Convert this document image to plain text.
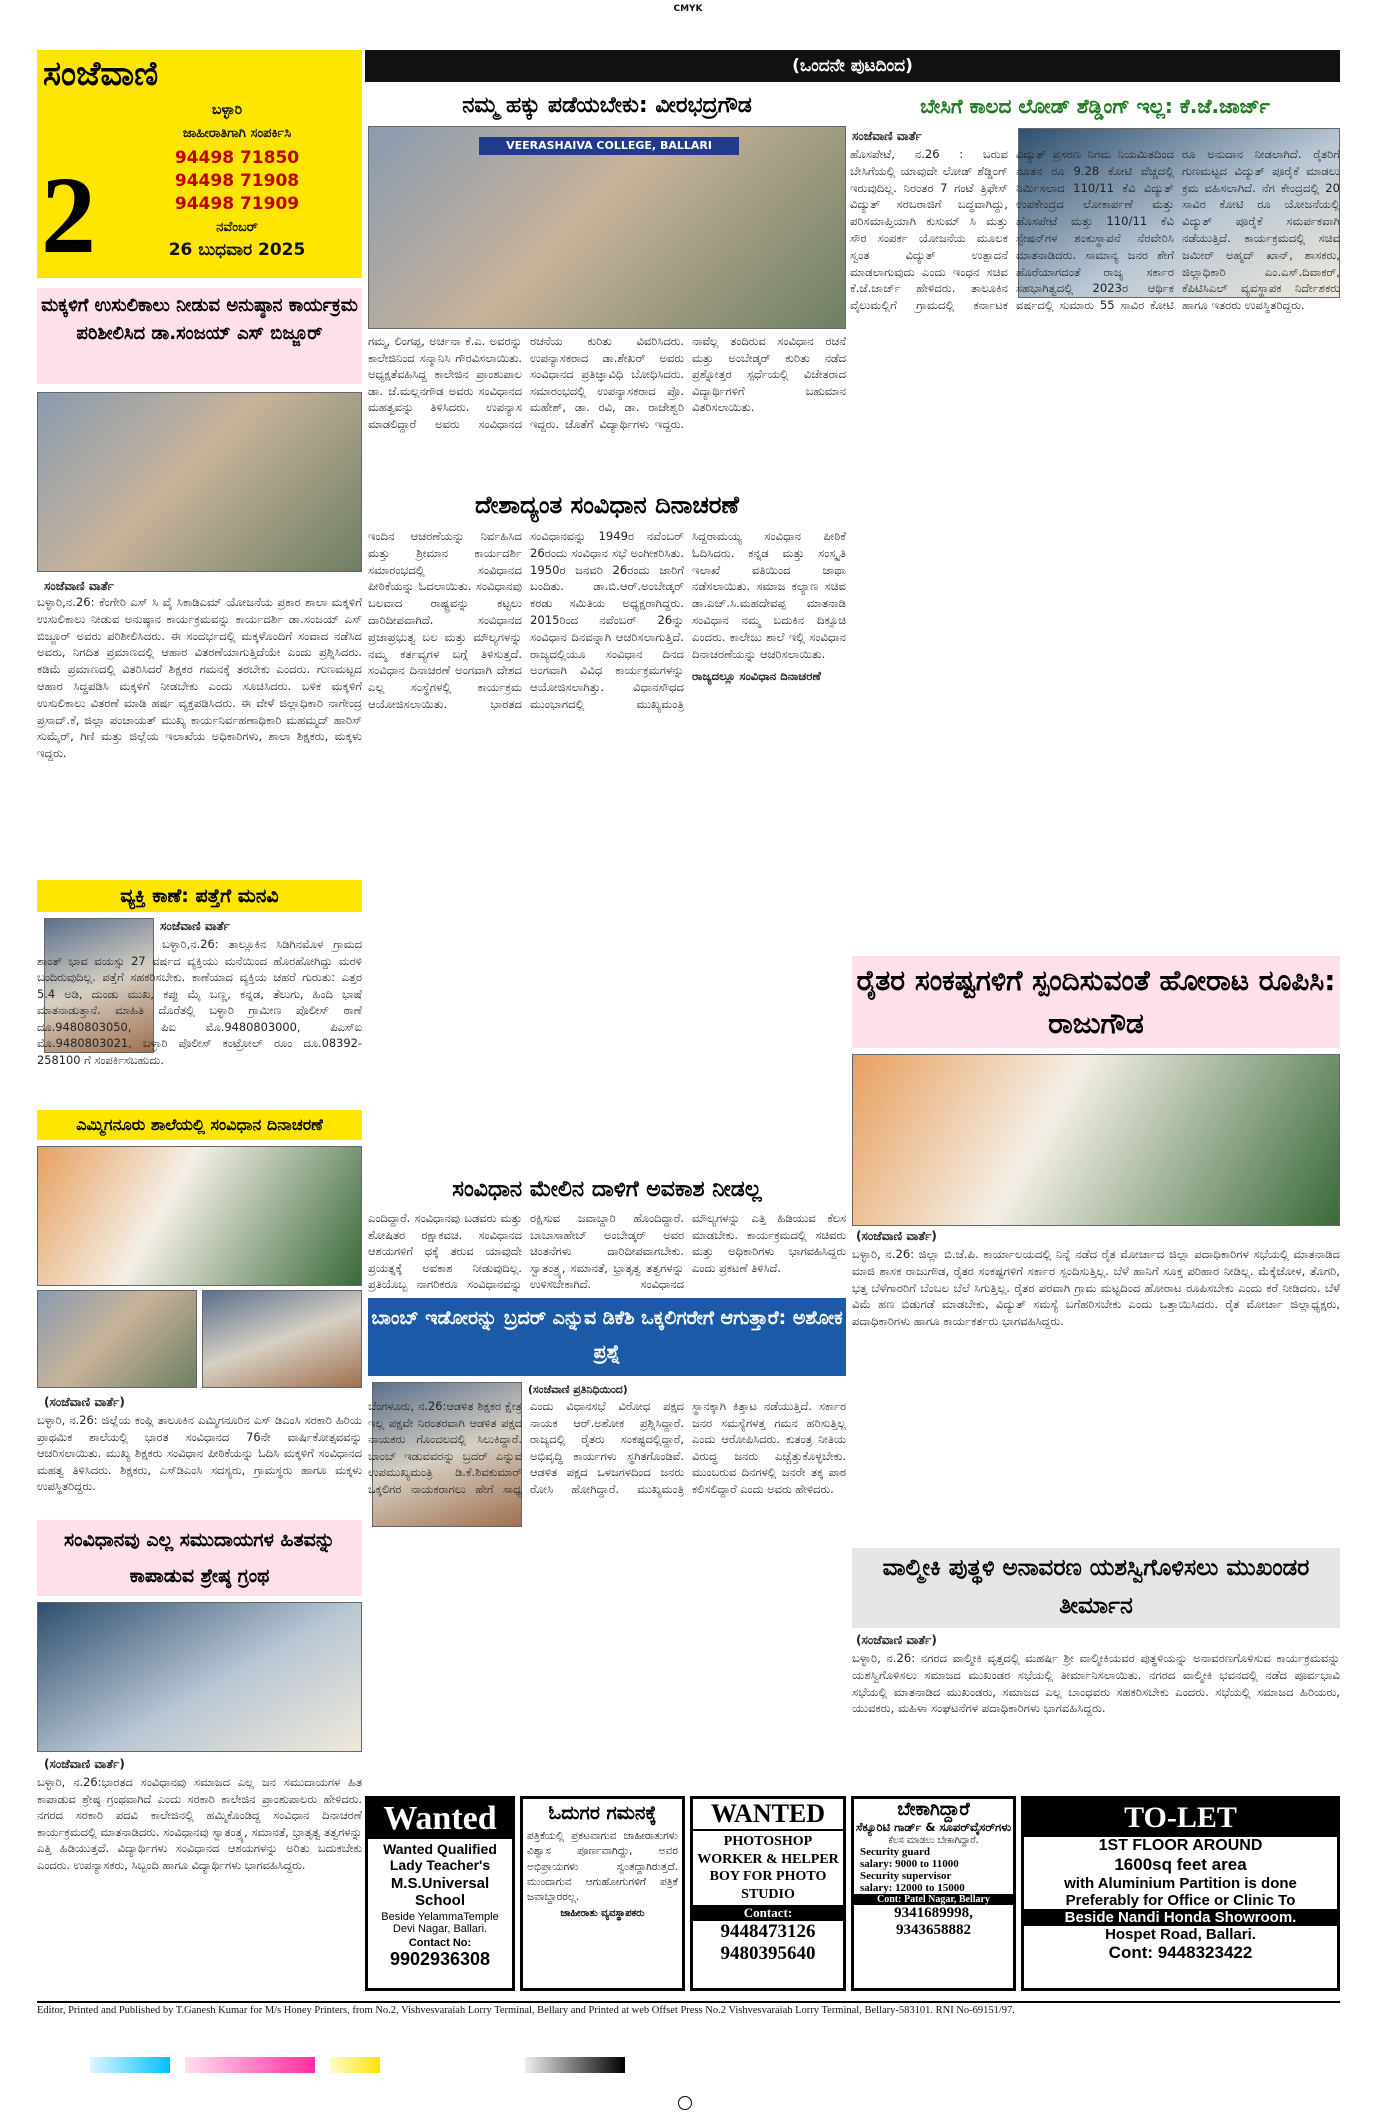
CMYK
ಸಂಜೆವಾಣಿ
ಬಳ್ಳಾರಿ
ಜಾಹೀರಾತಿಗಾಗಿ ಸಂಪರ್ಕಿಸಿ
94498 71850
94498 71908
94498 71909
2	ನವೆಂಬರ್
26 ಬುಧವಾರ 2025
ಮಕ್ಕಳಿಗೆ ಉಸುಲಿಕಾಲು ನೀಡುವ ಅನುಷ್ಠಾನ ಕಾರ್ಯಕ್ರಮ ಪರಿಶೀಲಿಸಿದ ಡಾ.ಸಂಜಯ್ ಎಸ್ ಬಿಜ್ಜೂರ್
ಸಂಜೆವಾಣಿ ವಾರ್ತೆ
ಬಳ್ಳಾರಿ,ನ.26: ಕೆಂಗೇರಿ ಎಸ್ ಸಿ ವೈ ಸಿಕಾಡಿಎಮ್ ಯೋಜನೆಯ ಪ್ರಕಾರ ಶಾಲಾ ಮಕ್ಕಳಿಗೆ ಉಸುಲಿಕಾಲು ನೀಡುವ ಅನುಷ್ಠಾನ ಕಾರ್ಯಕ್ರಮವನ್ನು ಕಾರ್ಯದರ್ಶಿ ಡಾ.ಸಂಜಯ್ ಎಸ್ ಬಿಜ್ಜೂರ್ ಅವರು ಪರಿಶೀಲಿಸಿದರು. ಈ ಸಂದರ್ಭದಲ್ಲಿ ಮಕ್ಕಳೊಂದಿಗೆ ಸಂವಾದ ನಡೆಸಿದ ಅವರು, ನಿಗದಿತ ಪ್ರಮಾಣದಲ್ಲಿ ಆಹಾರ ವಿತರಣೆಯಾಗುತ್ತಿದೆಯೇ ಎಂದು ಪ್ರಶ್ನಿಸಿದರು. ಕಡಿಮೆ ಪ್ರಮಾಣದಲ್ಲಿ ವಿತರಿಸಿದರೆ ಶಿಕ್ಷಕರ ಗಮನಕ್ಕೆ ತರಬೇಕು ಎಂದರು. ಗುಣಮಟ್ಟದ ಆಹಾರ ಸಿದ್ಧಪಡಿಸಿ ಮಕ್ಕಳಿಗೆ ನೀಡಬೇಕು ಎಂದು ಸೂಚಿಸಿದರು. ಬಳಿಕ ಮಕ್ಕಳಿಗೆ ಉಸುಲಿಕಾಲು ವಿತರಣೆ ಮಾಡಿ ಹರ್ಷ ವ್ಯಕ್ತಪಡಿಸಿದರು. ಈ ವೇಳೆ ಜಿಲ್ಲಾಧಿಕಾರಿ ನಾಗೇಂದ್ರ ಪ್ರಸಾದ್.ಕೆ, ಜಿಲ್ಲಾ ಪಂಚಾಯತ್ ಮುಖ್ಯ ಕಾರ್ಯನಿರ್ವಹಣಾಧಿಕಾರಿ ಮಹಮ್ಮದ್ ಹಾರಿಸ್ ಸುಮೈರ್, ಗಿಣಿ ಮತ್ತು ಜಿಲ್ಲೆಯ ಇಲಾಖೆಯ ಅಧಿಕಾರಿಗಳು, ಶಾಲಾ ಶಿಕ್ಷಕರು, ಮಕ್ಕಳು ಇದ್ದರು.
ವ್ಯಕ್ತಿ ಕಾಣೆ: ಪತ್ತೆಗೆ ಮನವಿ
ಸಂಜೆವಾಣಿ ವಾರ್ತೆ
ಬಳ್ಳಾರಿ,ನ.26: ತಾಲ್ಲೂಕಿನ ಸಿಡಿಗಿನಮೊಳ ಗ್ರಾಮದ ಶಾಂತ್ ಭಾವ ವಯಸ್ಸು 27 ವರ್ಷದ ವ್ಯಕ್ತಿಯು ಮನೆಯಿಂದ ಹೊರಹೋಗಿದ್ದು ಮರಳಿ ಬಂದಿರುವುದಿಲ್ಲ. ಪತ್ತೆಗೆ ಸಹಕರಿಸಬೇಕು. ಕಾಣೆಯಾದ ವ್ಯಕ್ತಿಯ ಚಹರೆ ಗುರುತು: ಎತ್ತರ 5.4 ಅಡಿ, ದುಂಡು ಮುಖ, ಕಪ್ಪು ಮೈ ಬಣ್ಣ, ಕನ್ನಡ, ತೆಲುಗು, ಹಿಂದಿ ಭಾಷೆ ಮಾತನಾಡುತ್ತಾನೆ. ಮಾಹಿತಿ ದೊರೆತಲ್ಲಿ ಬಳ್ಳಾರಿ ಗ್ರಾಮೀಣ ಪೊಲೀಸ್ ಠಾಣೆ ದೂ.9480803050, ಪಿಐ ಮೊ.9480803000, ಪಿಎಸ್‌ಐ ಮೊ.9480803021, ಬಳ್ಳಾರಿ ಪೊಲೀಸ್ ಕಂಟ್ರೋಲ್ ರೂಂ ದೂ.08392-258100 ಗೆ ಸಂಪರ್ಕಿಸಬಹುದು.
ಎಮ್ಮಿಗನೂರು ಶಾಲೆಯಲ್ಲಿ ಸಂವಿಧಾನ ದಿನಾಚರಣೆ
(ಸಂಜೆವಾಣಿ ವಾರ್ತೆ)
ಬಳ್ಳಾರಿ, ನ.26: ಜಿಲ್ಲೆಯ ಕಂಪ್ಲಿ ತಾಲೂಕಿನ ಎಮ್ಮಿಗನೂರಿನ ಎಸ್ ಡಿಎಂಸಿ ಸರಕಾರಿ ಹಿರಿಯ ಪ್ರಾಥಮಿಕ ಶಾಲೆಯಲ್ಲಿ ಭಾರತ ಸಂವಿಧಾನದ 76ನೇ ವಾರ್ಷಿಕೋತ್ಸವವನ್ನು ಆಚರಿಸಲಾಯಿತು. ಮುಖ್ಯ ಶಿಕ್ಷಕರು ಸಂವಿಧಾನ ಪೀಠಿಕೆಯನ್ನು ಓದಿಸಿ ಮಕ್ಕಳಿಗೆ ಸಂವಿಧಾನದ ಮಹತ್ವ ತಿಳಿಸಿದರು. ಶಿಕ್ಷಕರು, ಎಸ್‌ಡಿಎಂಸಿ ಸದಸ್ಯರು, ಗ್ರಾಮಸ್ಥರು ಹಾಗೂ ಮಕ್ಕಳು ಉಪಸ್ಥಿತರಿದ್ದರು.
ಸಂವಿಧಾನವು ಎಲ್ಲ ಸಮುದಾಯಗಳ ಹಿತವನ್ನು ಕಾಪಾಡುವ ಶ್ರೇಷ್ಠ ಗ್ರಂಥ
(ಸಂಜೆವಾಣಿ ವಾರ್ತೆ)
ಬಳ್ಳಾರಿ, ನ.26:ಭಾರತದ ಸಂವಿಧಾನವು ಸಮಾಜದ ಎಲ್ಲ ಜನ ಸಮುದಾಯಗಳ ಹಿತ ಕಾಪಾಡುವ ಶ್ರೇಷ್ಠ ಗ್ರಂಥವಾಗಿದೆ ಎಂದು ಸರಕಾರಿ ಕಾಲೇಜಿನ ಪ್ರಾಂಶುಪಾಲರು ಹೇಳಿದರು. ನಗರದ ಸರಕಾರಿ ಪದವಿ ಕಾಲೇಜಿನಲ್ಲಿ ಹಮ್ಮಿಕೊಂಡಿದ್ದ ಸಂವಿಧಾನ ದಿನಾಚರಣೆ ಕಾರ್ಯಕ್ರಮದಲ್ಲಿ ಮಾತನಾಡಿದರು. ಸಂವಿಧಾನವು ಸ್ವಾತಂತ್ರ್ಯ, ಸಮಾನತೆ, ಭ್ರಾತೃತ್ವ ತತ್ವಗಳನ್ನು ಎತ್ತಿ ಹಿಡಿಯುತ್ತದೆ. ವಿದ್ಯಾರ್ಥಿಗಳು ಸಂವಿಧಾನದ ಆಶಯಗಳನ್ನು ಅರಿತು ಬದುಕಬೇಕು ಎಂದರು. ಉಪನ್ಯಾಸಕರು, ಸಿಬ್ಬಂದಿ ಹಾಗೂ ವಿದ್ಯಾರ್ಥಿಗಳು ಭಾಗವಹಿಸಿದ್ದರು.
(ಒಂದನೇ ಪುಟದಿಂದ)
ನಮ್ಮ ಹಕ್ಕು ಪಡೆಯಬೇಕು: ವೀರಭದ್ರಗೌಡ
VEERASHAIVA COLLEGE, BALLARI
ಗಮ್ಮ, ಲಿಂಗಪ್ಪ, ಅರ್ಚನಾ ಕೆ.ಎ. ಅವರನ್ನು ಕಾಲೇಜಿನಿಂದ ಸನ್ಮಾನಿಸಿ ಗೌರವಿಸಲಾಯಿತು. ಅಧ್ಯಕ್ಷತೆವಹಿಸಿದ್ದ ಕಾಲೇಜಿನ ಪ್ರಾಂಶುಪಾಲ ಡಾ. ಜೆ.ಮಲ್ಲನಗೌಡ ಅವರು ಸಂವಿಧಾನದ ಮಹತ್ವವನ್ನು ತಿಳಿಸಿದರು. ಉಪನ್ಯಾಸ ಮಾಡಲಿದ್ದಾರೆ ಅವರು ಸಂವಿಧಾನದ ರಚನೆಯ ಕುರಿತು ವಿವರಿಸಿದರು. ಉಪನ್ಯಾಸಕರಾದ ಡಾ.ಶೇಖರ್ ಅವರು ಸಂವಿಧಾನದ ಪ್ರತಿಜ್ಞಾವಿಧಿ ಬೋಧಿಸಿದರು. ಸಮಾರಂಭದಲ್ಲಿ ಉಪನ್ಯಾಸಕರಾದ ಪ್ರೊ. ಮಹೇಶ್, ಡಾ. ರವಿ, ಡಾ. ರಾಜೇಶ್ವರಿ ಇದ್ದರು. ಜೊತೆಗೆ ವಿದ್ಯಾರ್ಥಿಗಳು ಇದ್ದರು. ನಾವೆಲ್ಲ ತಂದಿರುವ ಸಂವಿಧಾನ ರಚನೆ ಮತ್ತು ಅಂಬೇಡ್ಕರ್ ಕುರಿತು ನಡೆದ ಪ್ರಶ್ನೋತ್ತರ ಸ್ಪರ್ಧೆಯಲ್ಲಿ ವಿಜೇತರಾದ ವಿದ್ಯಾರ್ಥಿಗಳಿಗೆ ಬಹುಮಾನ ವಿತರಿಸಲಾಯಿತು.
ದೇಶಾದ್ಯಂತ ಸಂವಿಧಾನ ದಿನಾಚರಣೆ
ಇಂದಿನ ಆಚರಣೆಯನ್ನು ನಿರ್ವಹಿಸಿದ ಮತ್ತು ಶ್ರೀಮಾನ ಕಾರ್ಯದರ್ಶಿ ಸಮಾರಂಭದಲ್ಲಿ ಸಂವಿಧಾನದ ಪೀಠಿಕೆಯನ್ನು ಓದಲಾಯಿತು. ಸಂವಿಧಾನವು ಬಲವಾದ ರಾಷ್ಟ್ರವನ್ನು ಕಟ್ಟಲು ದಾರಿದೀಪವಾಗಿದೆ. ಸಂವಿಧಾನದ ಪ್ರಜಾಪ್ರಭುತ್ವ ಬಲ ಮತ್ತು ಮೌಲ್ಯಗಳನ್ನು ನಮ್ಮ ಕರ್ತವ್ಯಗಳ ಬಗ್ಗೆ ತಿಳಿಸುತ್ತದೆ. ಸಂವಿಧಾನ ದಿನಾಚರಣೆ ಅಂಗವಾಗಿ ದೇಶದ ಎಲ್ಲ ಸಂಸ್ಥೆಗಳಲ್ಲಿ ಕಾರ್ಯಕ್ರಮ ಆಯೋಜಿಸಲಾಯಿತು. ಭಾರತದ ಸಂವಿಧಾನವನ್ನು 1949ರ ನವೆಂಬರ್ 26ರಂದು ಸಂವಿಧಾನ ಸಭೆ ಅಂಗೀಕರಿಸಿತು. 1950ರ ಜನವರಿ 26ರಂದು ಜಾರಿಗೆ ಬಂದಿತು. ಡಾ.ಬಿ.ಆರ್.ಅಂಬೇಡ್ಕರ್ ಕರಡು ಸಮಿತಿಯ ಅಧ್ಯಕ್ಷರಾಗಿದ್ದರು. 2015ರಿಂದ ನವೆಂಬರ್ 26ನ್ನು ಸಂವಿಧಾನ ದಿನವನ್ನಾಗಿ ಆಚರಿಸಲಾಗುತ್ತಿದೆ. ರಾಜ್ಯದಲ್ಲಿಯೂ ಸಂವಿಧಾನ ದಿನದ ಅಂಗವಾಗಿ ವಿವಿಧ ಕಾರ್ಯಕ್ರಮಗಳನ್ನು ಆಯೋಜಿಸಲಾಗಿತ್ತು. ವಿಧಾನಸೌಧದ ಮುಂಭಾಗದಲ್ಲಿ ಮುಖ್ಯಮಂತ್ರಿ ಸಿದ್ದರಾಮಯ್ಯ ಸಂವಿಧಾನ ಪೀಠಿಕೆ ಓದಿಸಿದರು. ಕನ್ನಡ ಮತ್ತು ಸಂಸ್ಕೃತಿ ಇಲಾಖೆ ವತಿಯಿಂದ ಜಾಥಾ ನಡೆಸಲಾಯಿತು. ಸಮಾಜ ಕಲ್ಯಾಣ ಸಚಿವ ಡಾ.ಎಚ್.ಸಿ.ಮಹದೇವಪ್ಪ ಮಾತನಾಡಿ ಸಂವಿಧಾನ ನಮ್ಮ ಬದುಕಿನ ದಿಕ್ಸೂಚಿ ಎಂದರು. ಕಾಲೇಜು ಶಾಲೆ ಇಲ್ಲಿ ಸಂವಿಧಾನ ದಿನಾಚರಣೆಯನ್ನು ಆಚರಿಸಲಾಯಿತು.
ರಾಜ್ಯದಲ್ಲೂ ಸಂವಿಧಾನ ದಿನಾಚರಣೆ
ಸಂವಿಧಾನ ಮೇಲಿನ ದಾಳಿಗೆ ಅವಕಾಶ ನೀಡಲ್ಲ
ಎಂದಿದ್ದಾರೆ. ಸಂವಿಧಾನವು ಬಡವರು ಮತ್ತು ಶೋಷಿತರ ರಕ್ಷಾಕವಚ. ಸಂವಿಧಾನದ ಆಶಯಗಳಿಗೆ ಧಕ್ಕೆ ತರುವ ಯಾವುದೇ ಪ್ರಯತ್ನಕ್ಕೆ ಅವಕಾಶ ನೀಡುವುದಿಲ್ಲ. ಪ್ರತಿಯೊಬ್ಬ ನಾಗರಿಕರೂ ಸಂವಿಧಾನವನ್ನು ರಕ್ಷಿಸುವ ಜವಾಬ್ದಾರಿ ಹೊಂದಿದ್ದಾರೆ. ಬಾಬಾಸಾಹೇಬ್ ಅಂಬೇಡ್ಕರ್ ಅವರ ಚಿಂತನೆಗಳು ದಾರಿದೀಪವಾಗಬೇಕು. ಸ್ವಾತಂತ್ರ್ಯ, ಸಮಾನತೆ, ಭ್ರಾತೃತ್ವ ತತ್ವಗಳನ್ನು ಉಳಿಸಬೇಕಾಗಿದೆ. ಸಂವಿಧಾನದ ಮೌಲ್ಯಗಳನ್ನು ಎತ್ತಿ ಹಿಡಿಯುವ ಕೆಲಸ ಮಾಡಬೇಕು. ಕಾರ್ಯಕ್ರಮದಲ್ಲಿ ಸಚಿವರು ಮತ್ತು ಅಧಿಕಾರಿಗಳು ಭಾಗವಹಿಸಿದ್ದರು ಎಂದು ಪ್ರಕಟಣೆ ತಿಳಿಸಿದೆ.
ಬಾಂಬ್ ಇಡೋರನ್ನು ಬ್ರದರ್ ಎನ್ನುವ ಡಿಕೆಶಿ ಒಕ್ಕಲಿಗರೇಗೆ ಆಗುತ್ತಾರೆ: ಅಶೋಕ ಪ್ರಶ್ನೆ
(ಸಂಜೆವಾಣಿ ಪ್ರತಿನಿಧಿಯಿಂದ)
ಬೆಂಗಳೂರು, ನ.26:ಆಡಳಿತ ಶಿಕ್ಷಕರ ಕ್ಷೇತ್ರ ಇಲ್ಲ ಪಕ್ಷವೇ ನಿರಂತರವಾಗಿ ಆಡಳಿತ ಪಕ್ಷದ ನಾಯಕರು ಗೊಂದಲದಲ್ಲಿ ಸಿಲುಕಿದ್ದಾರೆ. ಬಾಂಬ್ ಇಡುವವರನ್ನು ಬ್ರದರ್ ಎನ್ನುವ ಉಪಮುಖ್ಯಮಂತ್ರಿ ಡಿ.ಕೆ.ಶಿವಕುಮಾರ್ ಒಕ್ಕಲಿಗರ ನಾಯಕರಾಗಲು ಹೇಗೆ ಸಾಧ್ಯ ಎಂದು ವಿಧಾನಸಭೆ ವಿರೋಧ ಪಕ್ಷದ ನಾಯಕ ಆರ್.ಅಶೋಕ ಪ್ರಶ್ನಿಸಿದ್ದಾರೆ. ರಾಜ್ಯದಲ್ಲಿ ರೈತರು ಸಂಕಷ್ಟದಲ್ಲಿದ್ದಾರೆ, ಅಭಿವೃದ್ಧಿ ಕಾರ್ಯಗಳು ಸ್ಥಗಿತಗೊಂಡಿವೆ. ಆಡಳಿತ ಪಕ್ಷದ ಒಳಜಗಳದಿಂದ ಜನರು ರೋಸಿ ಹೋಗಿದ್ದಾರೆ. ಮುಖ್ಯಮಂತ್ರಿ ಸ್ಥಾನಕ್ಕಾಗಿ ಕಿತ್ತಾಟ ನಡೆಯುತ್ತಿದೆ. ಸರ್ಕಾರ ಜನರ ಸಮಸ್ಯೆಗಳತ್ತ ಗಮನ ಹರಿಸುತ್ತಿಲ್ಲ ಎಂದು ಆರೋಪಿಸಿದರು. ಕುತಂತ್ರ ನೀತಿಯ ವಿರುದ್ಧ ಜನರು ಎಚ್ಚೆತ್ತುಕೊಳ್ಳಬೇಕು. ಮುಂಬರುವ ದಿನಗಳಲ್ಲಿ ಜನರೇ ತಕ್ಕ ಪಾಠ ಕಲಿಸಲಿದ್ದಾರೆ ಎಂದು ಅವರು ಹೇಳಿದರು.
ಬೇಸಿಗೆ ಕಾಲದ ಲೋಡ್ ಶೆಡ್ಡಿಂಗ್ ಇಲ್ಲ: ಕೆ.ಜೆ.ಜಾರ್ಜ್
ಸಂಜೆವಾಣಿ ವಾರ್ತೆ
ಹೊಸಪೇಟೆ, ನ.26 : ಬರುವ ಬೇಸಿಗೆಯಲ್ಲಿ ಯಾವುದೇ ಲೋಡ್ ಶೆಡ್ಡಿಂಗ್ ಇರುವುದಿಲ್ಲ. ನಿರಂತರ 7 ಗಂಟೆ ತ್ರಿಫೇಸ್ ವಿದ್ಯುತ್ ಸರಬರಾಜಿಗೆ ಬದ್ಧವಾಗಿದ್ದು, ಪರಿಸಮಾಪ್ತಿಯಾಗಿ ಕುಸುಮ್ ಸಿ ಮತ್ತು ಸೌರ ಸಂಪರ್ಕ ಯೋಜನೆಯ ಮೂಲಕ ಸ್ವಂತ ವಿದ್ಯುತ್ ಉತ್ಪಾದನೆ ಮಾಡಲಾಗುವುದು ಎಂದು ಇಂಧನ ಸಚಿವ ಕೆ.ಜೆ.ಜಾರ್ಜ್ ಹೇಳಿದರು. ತಾಲೂಕಿನ ವೈಲುಮಲ್ಲಿಗೆ ಗ್ರಾಮದಲ್ಲಿ ಕರ್ನಾಟಕ ವಿದ್ಯುತ್ ಪ್ರಸರಣ ನಿಗಮ ನಿಯಮಿತದಿಂದ ನೂತನ ರೂ 9.28 ಕೋಟಿ ವೆಚ್ಚದಲ್ಲಿ ನಿರ್ಮಿಸಲಾದ 110/11 ಕೆವಿ ವಿದ್ಯುತ್ ಉಪಕೇಂದ್ರದ ಲೋಕಾರ್ಪಣೆ ಮತ್ತು ಹೊಸಪೇಟೆ ಮತ್ತು 110/11 ಕೆವಿ ಸ್ಟೇಷನ್‌ಗಳ ಶಂಕುಸ್ಥಾಪನೆ ನೆರವೇರಿಸಿ ಮಾತನಾಡಿದರು. ಸಾಮಾನ್ಯ ಜನರ ಶೇಗೆ ಹೊರೆಯಾಗದಂತೆ ರಾಜ್ಯ ಸರ್ಕಾರ ಸಹಭಾಗಿತ್ವದಲ್ಲಿ 2023ರ ಆರ್ಥಿಕ ವರ್ಷದಲ್ಲಿ ಸುಮಾರು 55 ಸಾವಿರ ಕೋಟಿ ರೂ ಅನುದಾನ ನೀಡಲಾಗಿದೆ. ರೈತರಿಗೆ ಗುಣಮಟ್ಟದ ವಿದ್ಯುತ್ ಪೂರೈಕೆ ಮಾಡಲು ಕ್ರಮ ವಹಿಸಲಾಗಿದೆ. ನೆಗ ಕೇಂದ್ರದಲ್ಲಿ 20 ಸಾವಿರ ಕೋಟಿ ರೂ ಯೋಜನೆಯಲ್ಲಿ ವಿದ್ಯುತ್ ಪೂರೈಕೆ ಸಮರ್ಪಕವಾಗಿ ನಡೆಯುತ್ತಿದೆ. ಕಾರ್ಯಕ್ರಮದಲ್ಲಿ ಸಚಿವ ಜಮೀರ್ ಅಹ್ಮದ್ ಖಾನ್, ಶಾಸಕರು, ಜಿಲ್ಲಾಧಿಕಾರಿ ಎಂ.ಎಸ್.ದಿವಾಕರ್, ಕೆಪಿಟಿಸಿಎಲ್ ವ್ಯವಸ್ಥಾಪಕ ನಿರ್ದೇಶಕರು ಹಾಗೂ ಇತರರು ಉಪಸ್ಥಿತರಿದ್ದರು.
ರೈತರ ಸಂಕಷ್ಟಗಳಿಗೆ ಸ್ಪಂದಿಸುವಂತೆ ಹೋರಾಟ ರೂಪಿಸಿ: ರಾಜುಗೌಡ
(ಸಂಜೆವಾಣಿ ವಾರ್ತೆ)
ಬಳ್ಳಾರಿ, ನ.26: ಜಿಲ್ಲಾ ಬಿ.ಜೆ.ಪಿ. ಕಾರ್ಯಾಲಯದಲ್ಲಿ ನಿನ್ನೆ ನಡೆದ ರೈತ ಮೋರ್ಚಾದ ಜಿಲ್ಲಾ ಪದಾಧಿಕಾರಿಗಳ ಸಭೆಯಲ್ಲಿ ಮಾತನಾಡಿದ ಮಾಜಿ ಶಾಸಕ ರಾಜುಗೌಡ, ರೈತರ ಸಂಕಷ್ಟಗಳಿಗೆ ಸರ್ಕಾರ ಸ್ಪಂದಿಸುತ್ತಿಲ್ಲ. ಬೆಳೆ ಹಾನಿಗೆ ಸೂಕ್ತ ಪರಿಹಾರ ನೀಡಿಲ್ಲ. ಮೆಕ್ಕೆಜೋಳ, ತೊಗರಿ, ಭತ್ತ ಬೆಳೆಗಾರರಿಗೆ ಬೆಂಬಲ ಬೆಲೆ ಸಿಗುತ್ತಿಲ್ಲ. ರೈತರ ಪರವಾಗಿ ಗ್ರಾಮ ಮಟ್ಟದಿಂದ ಹೋರಾಟ ರೂಪಿಸಬೇಕು ಎಂದು ಕರೆ ನೀಡಿದರು. ಬೆಳೆ ವಿಮೆ ಹಣ ಬಿಡುಗಡೆ ಮಾಡಬೇಕು, ವಿದ್ಯುತ್ ಸಮಸ್ಯೆ ಬಗೆಹರಿಸಬೇಕು ಎಂದು ಒತ್ತಾಯಿಸಿದರು. ರೈತ ಮೋರ್ಚಾ ಜಿಲ್ಲಾಧ್ಯಕ್ಷರು, ಪದಾಧಿಕಾರಿಗಳು ಹಾಗೂ ಕಾರ್ಯಕರ್ತರು ಭಾಗವಹಿಸಿದ್ದರು.
ವಾಲ್ಮೀಕಿ ಪುತ್ಥಳಿ ಅನಾವರಣ ಯಶಸ್ವಿಗೊಳಿಸಲು ಮುಖಂಡರ ತೀರ್ಮಾನ
(ಸಂಜೆವಾಣಿ ವಾರ್ತೆ)
ಬಳ್ಳಾರಿ, ನ.26: ನಗರದ ವಾಲ್ಮೀಕಿ ವೃತ್ತದಲ್ಲಿ ಮಹರ್ಷಿ ಶ್ರೀ ವಾಲ್ಮೀಕಿಯವರ ಪುತ್ಥಳಿಯನ್ನು ಅನಾವರಣಗೊಳಿಸುವ ಕಾರ್ಯಕ್ರಮವನ್ನು ಯಶಸ್ವಿಗೊಳಿಸಲು ಸಮಾಜದ ಮುಖಂಡರ ಸಭೆಯಲ್ಲಿ ತೀರ್ಮಾನಿಸಲಾಯಿತು. ನಗರದ ವಾಲ್ಮೀಕಿ ಭವನದಲ್ಲಿ ನಡೆದ ಪೂರ್ವಭಾವಿ ಸಭೆಯಲ್ಲಿ ಮಾತನಾಡಿದ ಮುಖಂಡರು, ಸಮಾಜದ ಎಲ್ಲ ಬಾಂಧವರು ಸಹಕರಿಸಬೇಕು ಎಂದರು. ಸಭೆಯಲ್ಲಿ ಸಮಾಜದ ಹಿರಿಯರು, ಯುವಕರು, ಮಹಿಳಾ ಸಂಘಟನೆಗಳ ಪದಾಧಿಕಾರಿಗಳು ಭಾಗವಹಿಸಿದ್ದರು.
Wanted
Wanted Qualified Lady Teacher's
M.S.Universal School
Beside YelammaTemple Devi Nagar, Ballari.
Contact No:
9902936308
ಓದುಗರ ಗಮನಕ್ಕೆ
ಪತ್ರಿಕೆಯಲ್ಲಿ ಪ್ರಕಟವಾಗುವ ಜಾಹೀರಾತುಗಳು ವಿಶ್ವಾಸ ಪೂರ್ಣವಾಗಿದ್ದು, ಅವರ ಅಭಿಪ್ರಾಯಗಳು ಸ್ವಂತದ್ದಾಗಿರುತ್ತದೆ. ಮುಂದಾಗುವ ಆಗುಹೋಗುಗಳಿಗೆ ಪತ್ರಿಕೆ ಜವಾಬ್ದಾರರಲ್ಲ.
ಜಾಹೀರಾತು ವ್ಯವಸ್ಥಾಪಕರು
WANTED
PHOTOSHOP WORKER & HELPER BOY FOR PHOTO STUDIO
Contact:
9448473126
9480395640
ಬೇಕಾಗಿದ್ದಾರೆ
ಸೆಕ್ಯೂರಿಟಿ ಗಾರ್ಡ್ & ಸೂಪರ್‌ವೈಸರ್‌ಗಳು
ಕೆಲಸ ಮಾಡಲು ಬೇಕಾಗಿದ್ದಾರೆ.
Security guard
salary: 9000 to 11000
Security supervisor
salary: 12000 to 15000
Cont: Patel Nagar, Bellary
9341689998,
9343658882
TO-LET
1ST FLOOR AROUND
1600sq feet area
with Aluminium Partition is done
Preferably for Office or Clinic To
Beside Nandi Honda Showroom.
Hospet Road, Ballari.
Cont: 9448323422
Editor, Printed and Published by T.Ganesh Kumar for M/s Honey Printers, from No.2, Vishvesvaraiah Lorry Terminal, Bellary and Printed at web Offset Press No.2 Vishvesvaraiah Lorry Terminal, Bellary-583101. RNI No-69151/97.
